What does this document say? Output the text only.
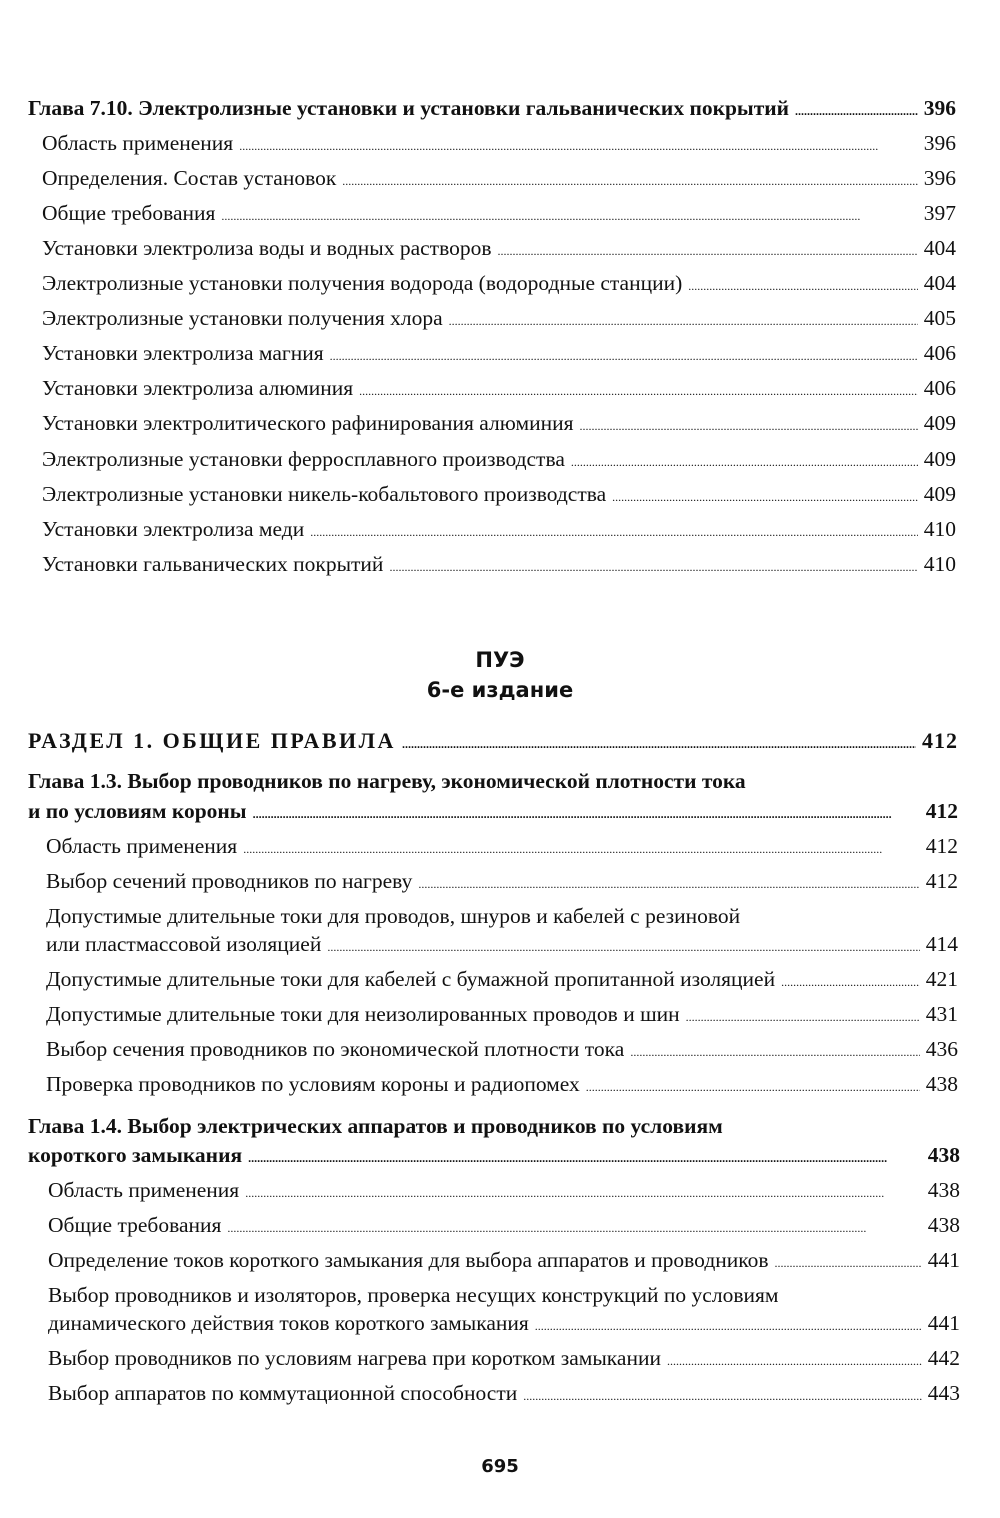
Глава 7.10. Электролизные установки и установки гальванических покрытий . . .	396
Область применения . . .	396
Определения. Состав установок . . .	396
Общие требования . . .	397
Установки электролиза воды и водных растворов . . .	404
Электролизные установки получения водорода (водородные станции) . . .	404
Электролизные установки получения хлора . . .	405
Установки электролиза магния . . .	406
Установки электролиза алюминия . . .	406
Установки электролитического рафинирования алюминия . . .	409
Электролизные установки ферросплавного производства . . .	409
Электролизные установки никель-кобальтового производства . . .	409
Установки электролиза меди . . .	410
Установки гальванических покрытий . . .	410
ПУЭ
6-е издание
РАЗДЕЛ 1. ОБЩИЕ ПРАВИЛА . . .	412
Глава 1.3. Выбор проводников по нагреву, экономической плотности тока
и по условиям короны . . .	412
Область применения . . .	412
Выбор сечений проводников по нагреву . . .	412
Допустимые длительные токи для проводов, шнуров и кабелей с резиновой
или пластмассовой изоляцией . . .	414
Допустимые длительные токи для кабелей с бумажной пропитанной изоляцией . . .	421
Допустимые длительные токи для неизолированных проводов и шин . . .	431
Выбор сечения проводников по экономической плотности тока . . .	436
Проверка проводников по условиям короны и радиопомех . . .	438
Глава 1.4. Выбор электрических аппаратов и проводников по условиям
короткого замыкания . . .	438
Область применения . . .	438
Общие требования . . .	438
Определение токов короткого замыкания для выбора аппаратов и проводников . . .	441
Выбор проводников и изоляторов, проверка несущих конструкций по условиям
динамического действия токов короткого замыкания . . .	441
Выбор проводников по условиям нагрева при коротком замыкании . . .	442
Выбор аппаратов по коммутационной способности . . .	443
695
